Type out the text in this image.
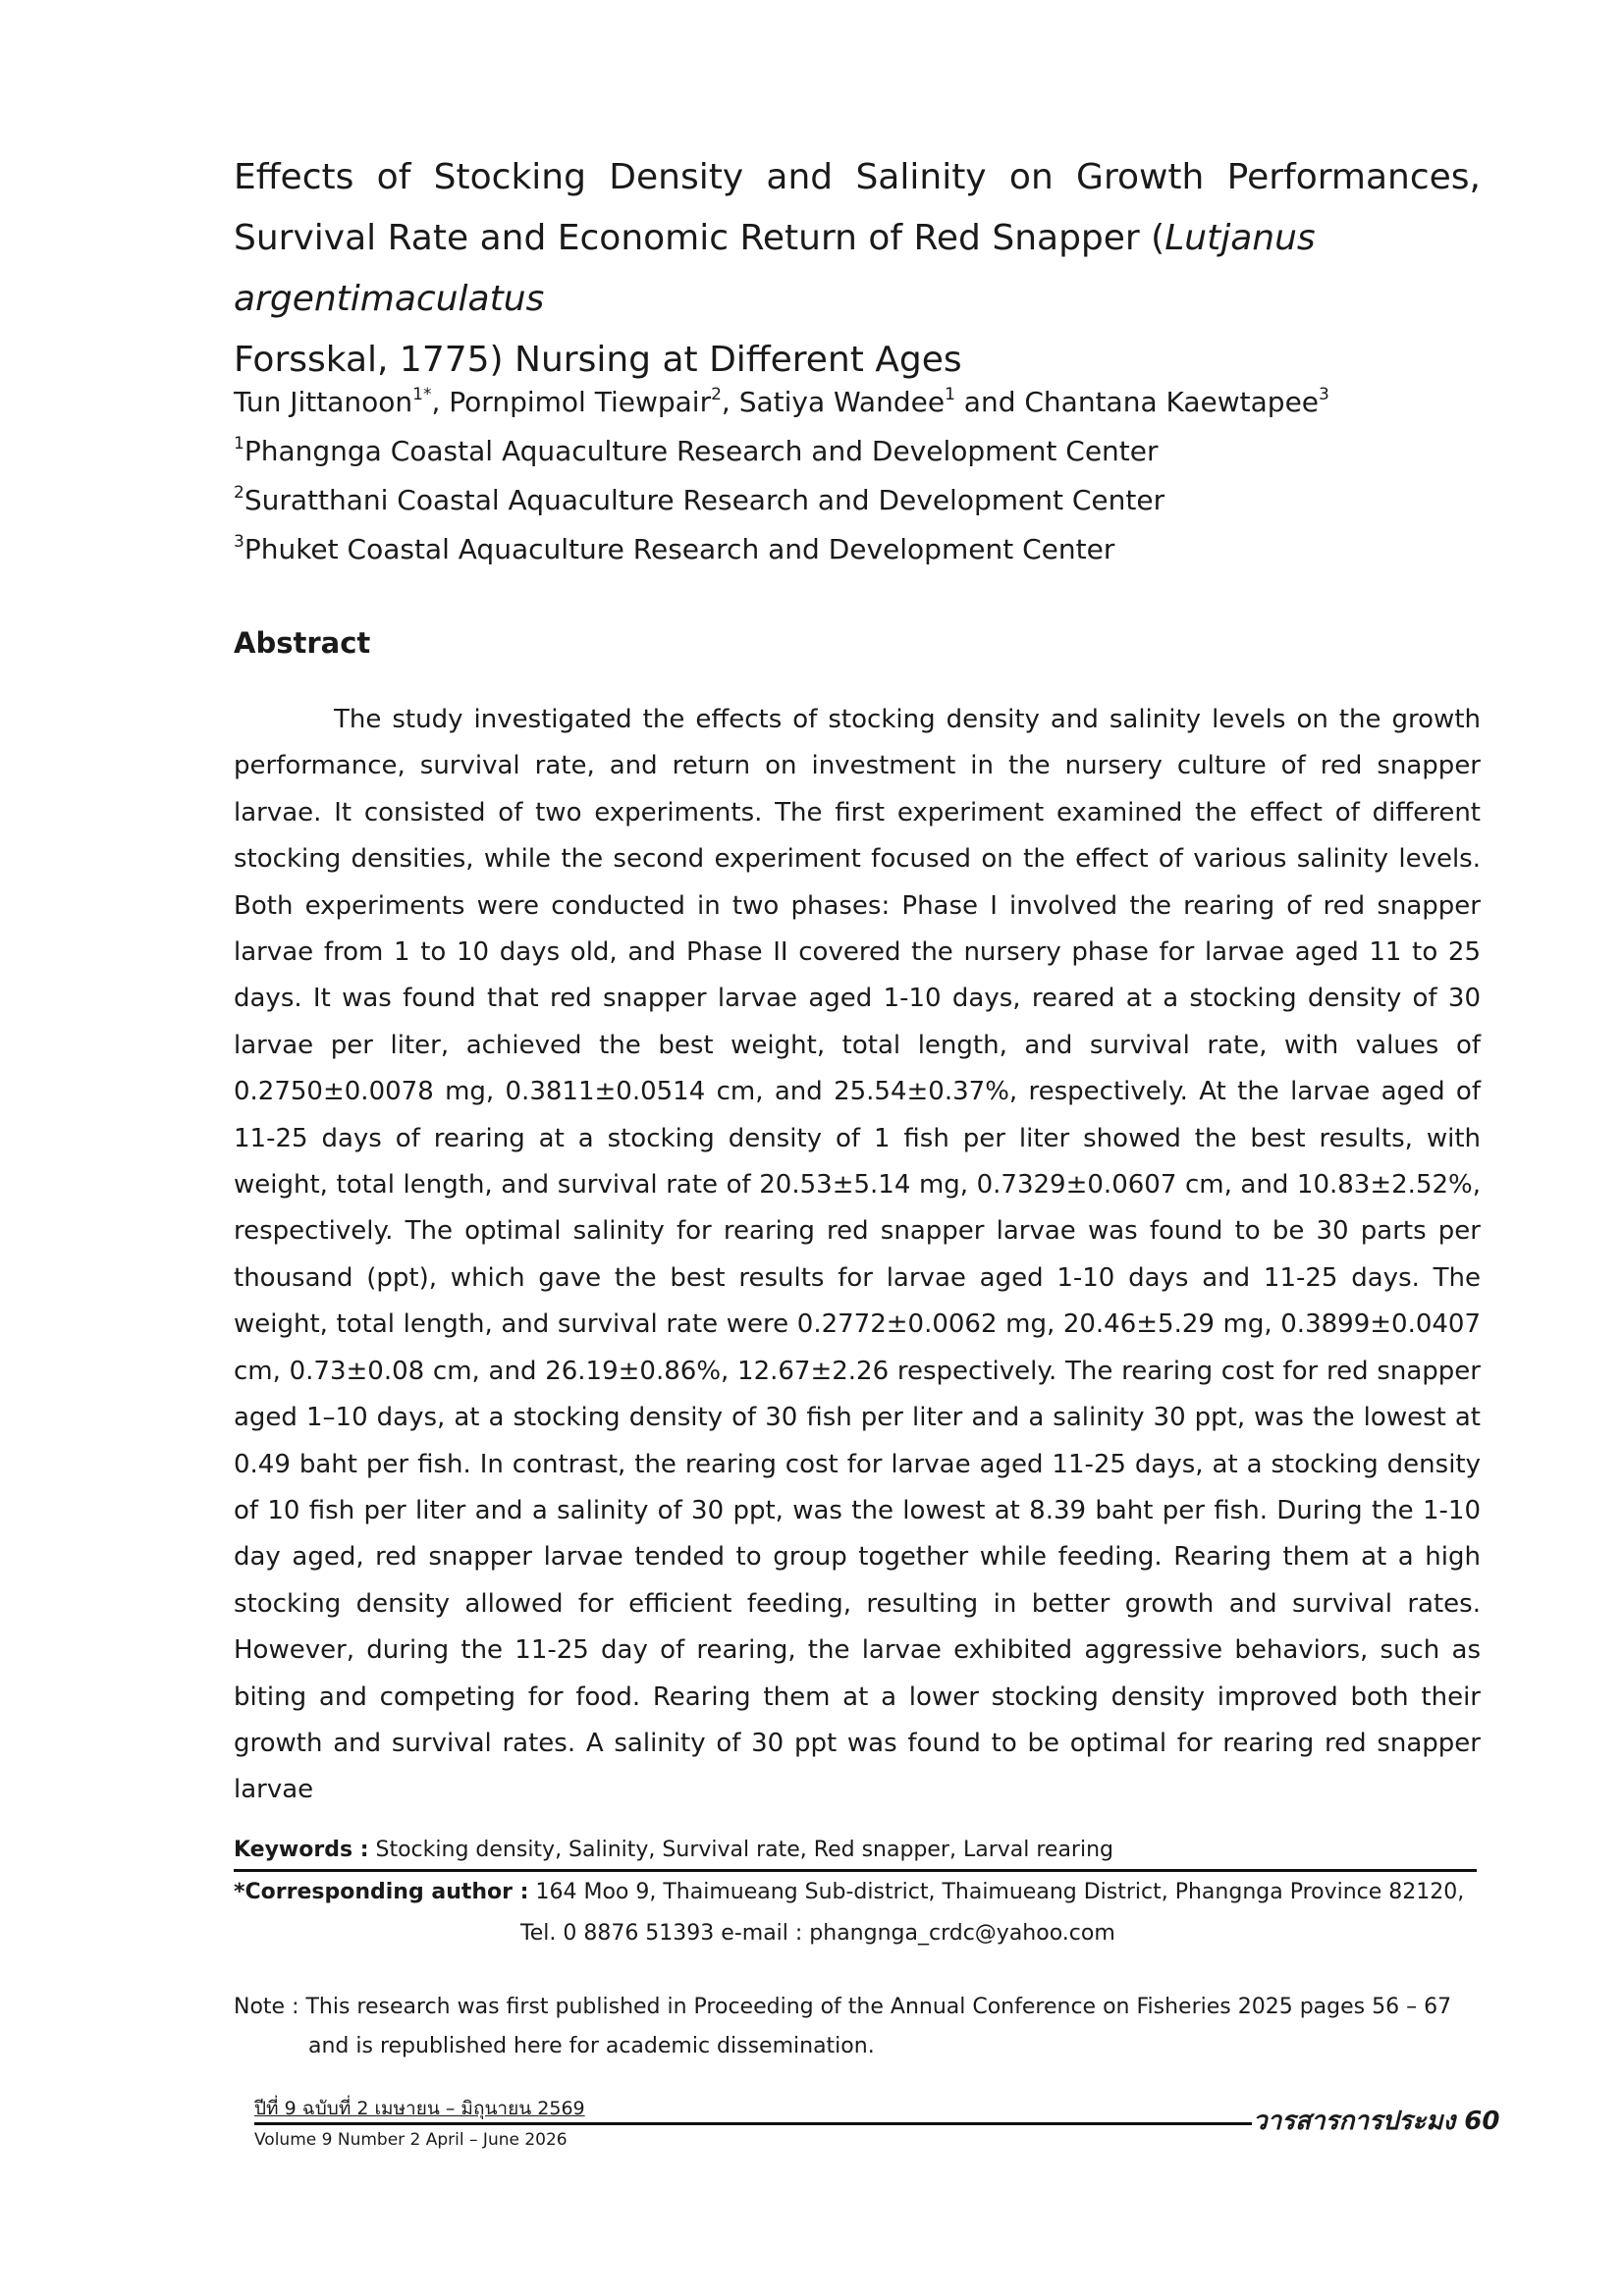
Effects of Stocking Density and Salinity on Growth Performances,
Survival Rate and Economic Return of Red Snapper (Lutjanus argentimaculatus
Forsskal, 1775) Nursing at Different Ages
Tun Jittanoon$^{1*}$, Pornpimol Tiewpair$^2$, Satiya Wandee$^1$ and Chantana Kaewtapee$^3$
$^1$Phangnga Coastal Aquaculture Research and Development Center
$^2$Suratthani Coastal Aquaculture Research and Development Center
$^3$Phuket Coastal Aquaculture Research and Development Center
Abstract

The study investigated the effects of stocking density and salinity levels on the growth performance, survival rate, and return on investment in the nursery culture of red snapper larvae. It consisted of two experiments. The first experiment examined the effect of different stocking densities, while the second experiment focused on the effect of various salinity levels. Both experiments were conducted in two phases: Phase I involved the rearing of red snapper larvae from 1 to 10 days old, and Phase II covered the nursery phase for larvae aged 11 to 25 days. It was found that red snapper larvae aged 1-10 days, reared at a stocking density of 30 larvae per liter, achieved the best weight, total length, and survival rate, with values of 0.2750±0.0078 mg, 0.3811±0.0514 cm, and 25.54±0.37%, respectively. At the larvae aged of 11-25 days of rearing at a stocking density of 1 fish per liter showed the best results, with weight, total length, and survival rate of 20.53±5.14 mg, 0.7329±0.0607 cm, and 10.83±2.52%, respectively. The optimal salinity for rearing red snapper larvae was found to be 30 parts per thousand (ppt), which gave the best results for larvae aged 1-10 days and 11-25 days. The weight, total length, and survival rate were 0.2772±0.0062 mg, 20.46±5.29 mg, 0.3899±0.0407 cm, 0.73±0.08 cm, and 26.19±0.86%, 12.67±2.26 respectively. The rearing cost for red snapper aged 1–10 days, at a stocking density of 30 fish per liter and a salinity 30 ppt, was the lowest at 0.49 baht per fish. In contrast, the rearing cost for larvae aged 11-25 days, at a stocking density of 10 fish per liter and a salinity of 30 ppt, was the lowest at 8.39 baht per fish. During the 1-10 day aged, red snapper larvae tended to group together while feeding. Rearing them at a high stocking density allowed for efficient feeding, resulting in better growth and survival rates. However, during the 11-25 day of rearing, the larvae exhibited aggressive behaviors, such as biting and competing for food. Rearing them at a lower stocking density improved both their growth and survival rates. A salinity of 30 ppt was found to be optimal for rearing red snapper larvae

Keywords : Stocking density, Salinity, Survival rate, Red snapper, Larval rearing
*Corresponding author : 164 Moo 9, Thaimueang Sub-district, Thaimueang District, Phangnga Province 82120,
Tel. 0 8876 51393 e-mail : phangnga_crdc@yahoo.com
Note : This research was first published in Proceeding of the Annual Conference on Fisheries 2025 pages 56 – 67
and is republished here for academic dissemination.
ปีที่ 9 ฉบับที่ 2 เมษายน – มิถุนายน 2569	วารสารการประมง 60
Volume 9 Number 2 April – June 2026
